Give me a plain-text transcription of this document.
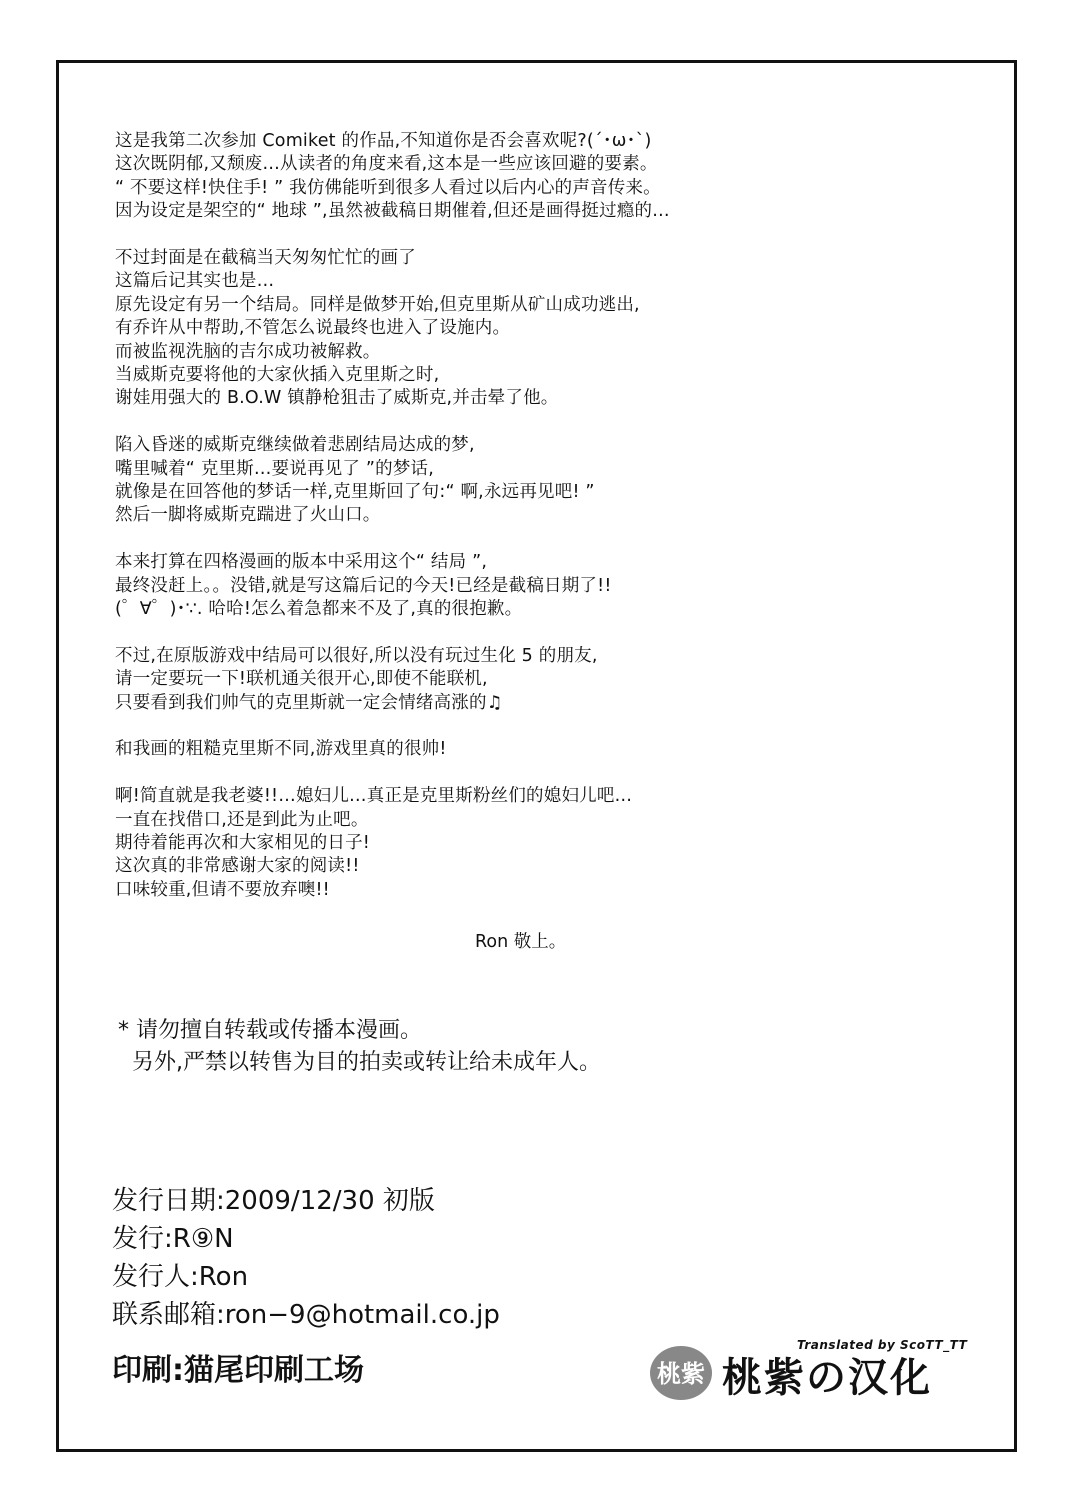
这是我第二次参加 Comiket 的作品,不知道你是否会喜欢呢?(´･ω･`)
这次既阴郁,又颓废…从读者的角度来看,这本是一些应该回避的要素。
“ 不要这样!快住手! ” 我仿佛能听到很多人看过以后内心的声音传来。
因为设定是架空的“ 地球 ”,虽然被截稿日期催着,但还是画得挺过瘾的…
不过封面是在截稿当天匆匆忙忙的画了
这篇后记其实也是…
原先设定有另一个结局。同样是做梦开始,但克里斯从矿山成功逃出,
有乔许从中帮助,不管怎么说最终也进入了设施内。
而被监视洗脑的吉尔成功被解救。
当威斯克要将他的大家伙插入克里斯之时,
谢娃用强大的 B.O.W 镇静枪狙击了威斯克,并击晕了他。
陷入昏迷的威斯克继续做着悲剧结局达成的梦,
嘴里喊着“ 克里斯…要说再见了 ”的梦话,
就像是在回答他的梦话一样,克里斯回了句:“ 啊,永远再见吧! ”
然后一脚将威斯克踹进了火山口。
本来打算在四格漫画的版本中采用这个“ 结局 ”,
最终没赶上。。没错,就是写这篇后记的今天!已经是截稿日期了!!
(゜∀゜)･∵. 哈哈!怎么着急都来不及了,真的很抱歉。
不过,在原版游戏中结局可以很好,所以没有玩过生化 5 的朋友,
请一定要玩一下!联机通关很开心,即使不能联机,
只要看到我们帅气的克里斯就一定会情绪高涨的♫
和我画的粗糙克里斯不同,游戏里真的很帅!
啊!简直就是我老婆!!…媳妇儿…真正是克里斯粉丝们的媳妇儿吧…
一直在找借口,还是到此为止吧。
期待着能再次和大家相见的日子!
这次真的非常感谢大家的阅读!!
口味较重,但请不要放弃噢!!
Ron 敬上。
* 请勿擅自转载或传播本漫画。
另外,严禁以转售为目的拍卖或转让给未成年人。
发行日期:2009/12/30 初版
发行:R⑨N
发行人:Ron
联系邮箱:ron−9@hotmail.co.jp
印刷:猫尾印刷工场
Translated by ScoTT_TT
桃紫 桃紫の汉化
